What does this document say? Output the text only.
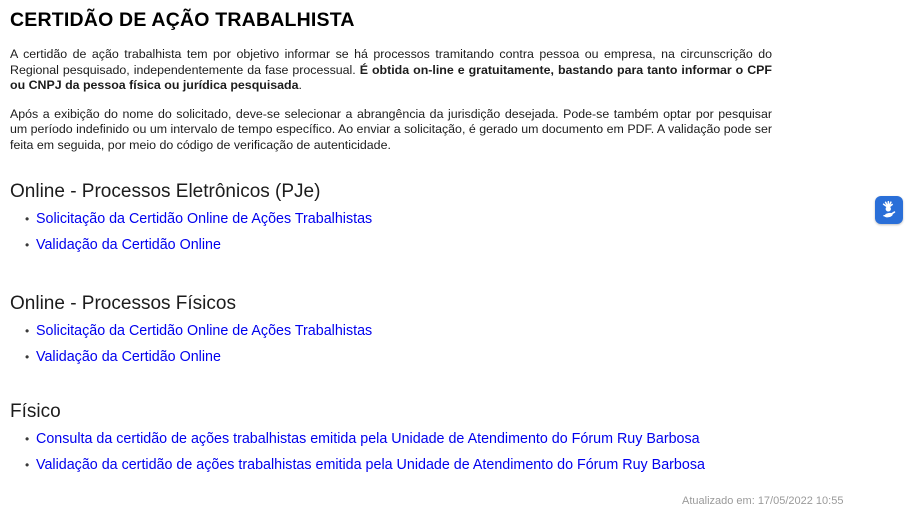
CERTIDÃO DE AÇÃO TRABALHISTA

A certidão de ação trabalhista tem por objetivo informar se há processos tramitando contra pessoa ou empresa, na circunscrição do Regional pesquisado, independentemente da fase processual. É obtida on-line e gratuitamente, bastando para tanto informar o CPF ou CNPJ da pessoa física ou jurídica pesquisada.

Após a exibição do nome do solicitado, deve-se selecionar a abrangência da jurisdição desejada. Pode-se também optar por pesquisar um período indefinido ou um intervalo de tempo específico. Ao enviar a solicitação, é gerado um documento em PDF. A validação pode ser feita em seguida, por meio do código de verificação de autenticidade.

Online - Processos Eletrônicos (PJe)
• Solicitação da Certidão Online de Ações Trabalhistas
• Validação da Certidão Online
Online - Processos Físicos
• Solicitação da Certidão Online de Ações Trabalhistas
• Validação da Certidão Online
Físico
• Consulta da certidão de ações trabalhistas emitida pela Unidade de Atendimento do Fórum Ruy Barbosa
• Validação da certidão de ações trabalhistas emitida pela Unidade de Atendimento do Fórum Ruy Barbosa
Atualizado em: 17/05/2022 10:55
